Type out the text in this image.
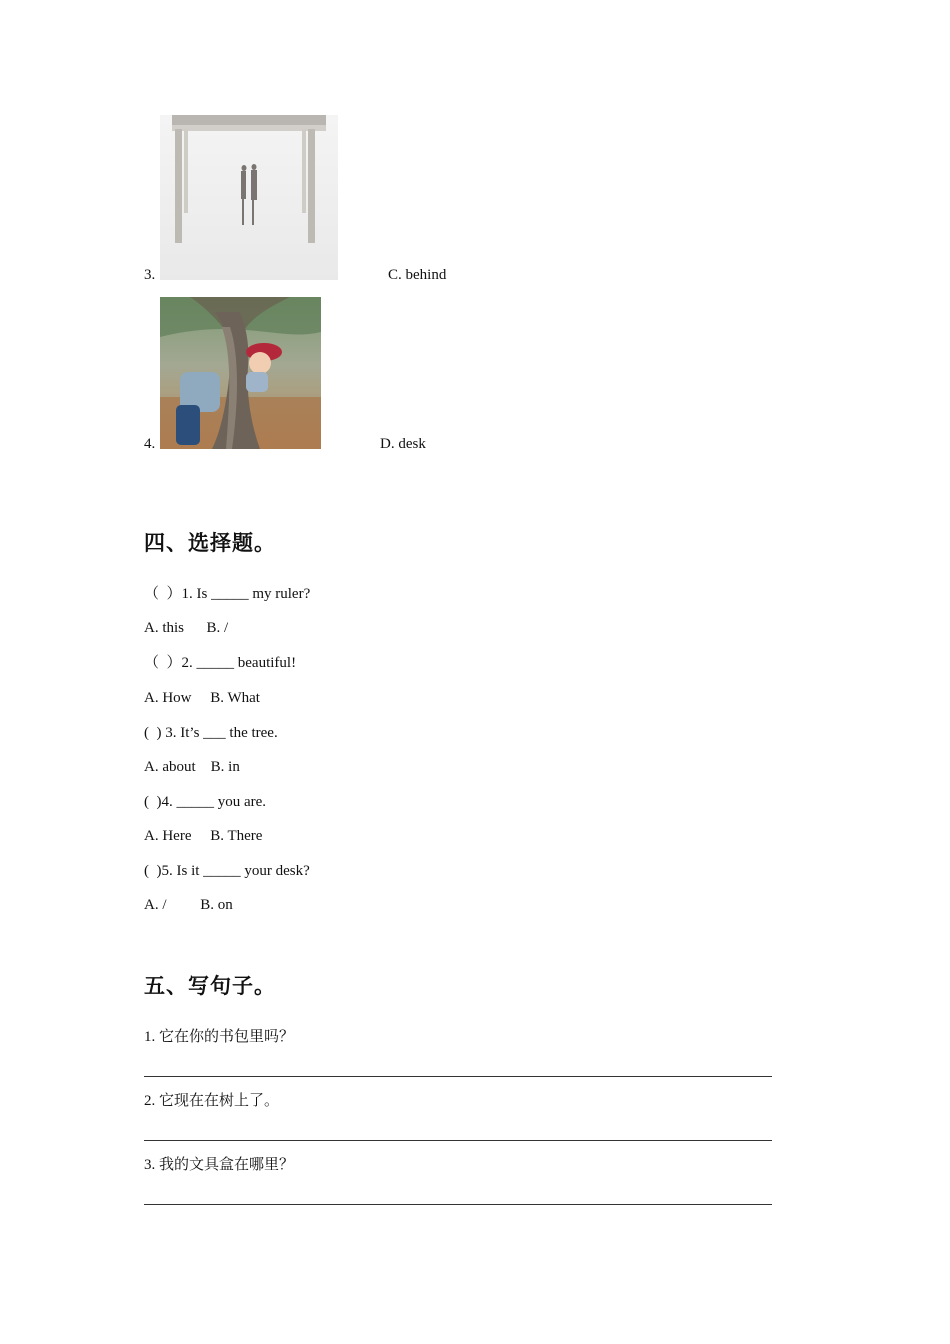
3.	C. behind
4.	D. desk
四、选择题。
（  ）1. Is _____ my ruler?
A. this      B. /
（  ）2. _____ beautiful!
A. How     B. What
(  ) 3. It’s ___ the tree.
A. about    B. in
(  )4. _____ you are.
A. Here     B. There
(  )5. Is it _____ your desk?
A. /         B. on
五、写句子。
1. 它在你的书包里吗？
2. 它现在在树上了。
3. 我的文具盒在哪里？
